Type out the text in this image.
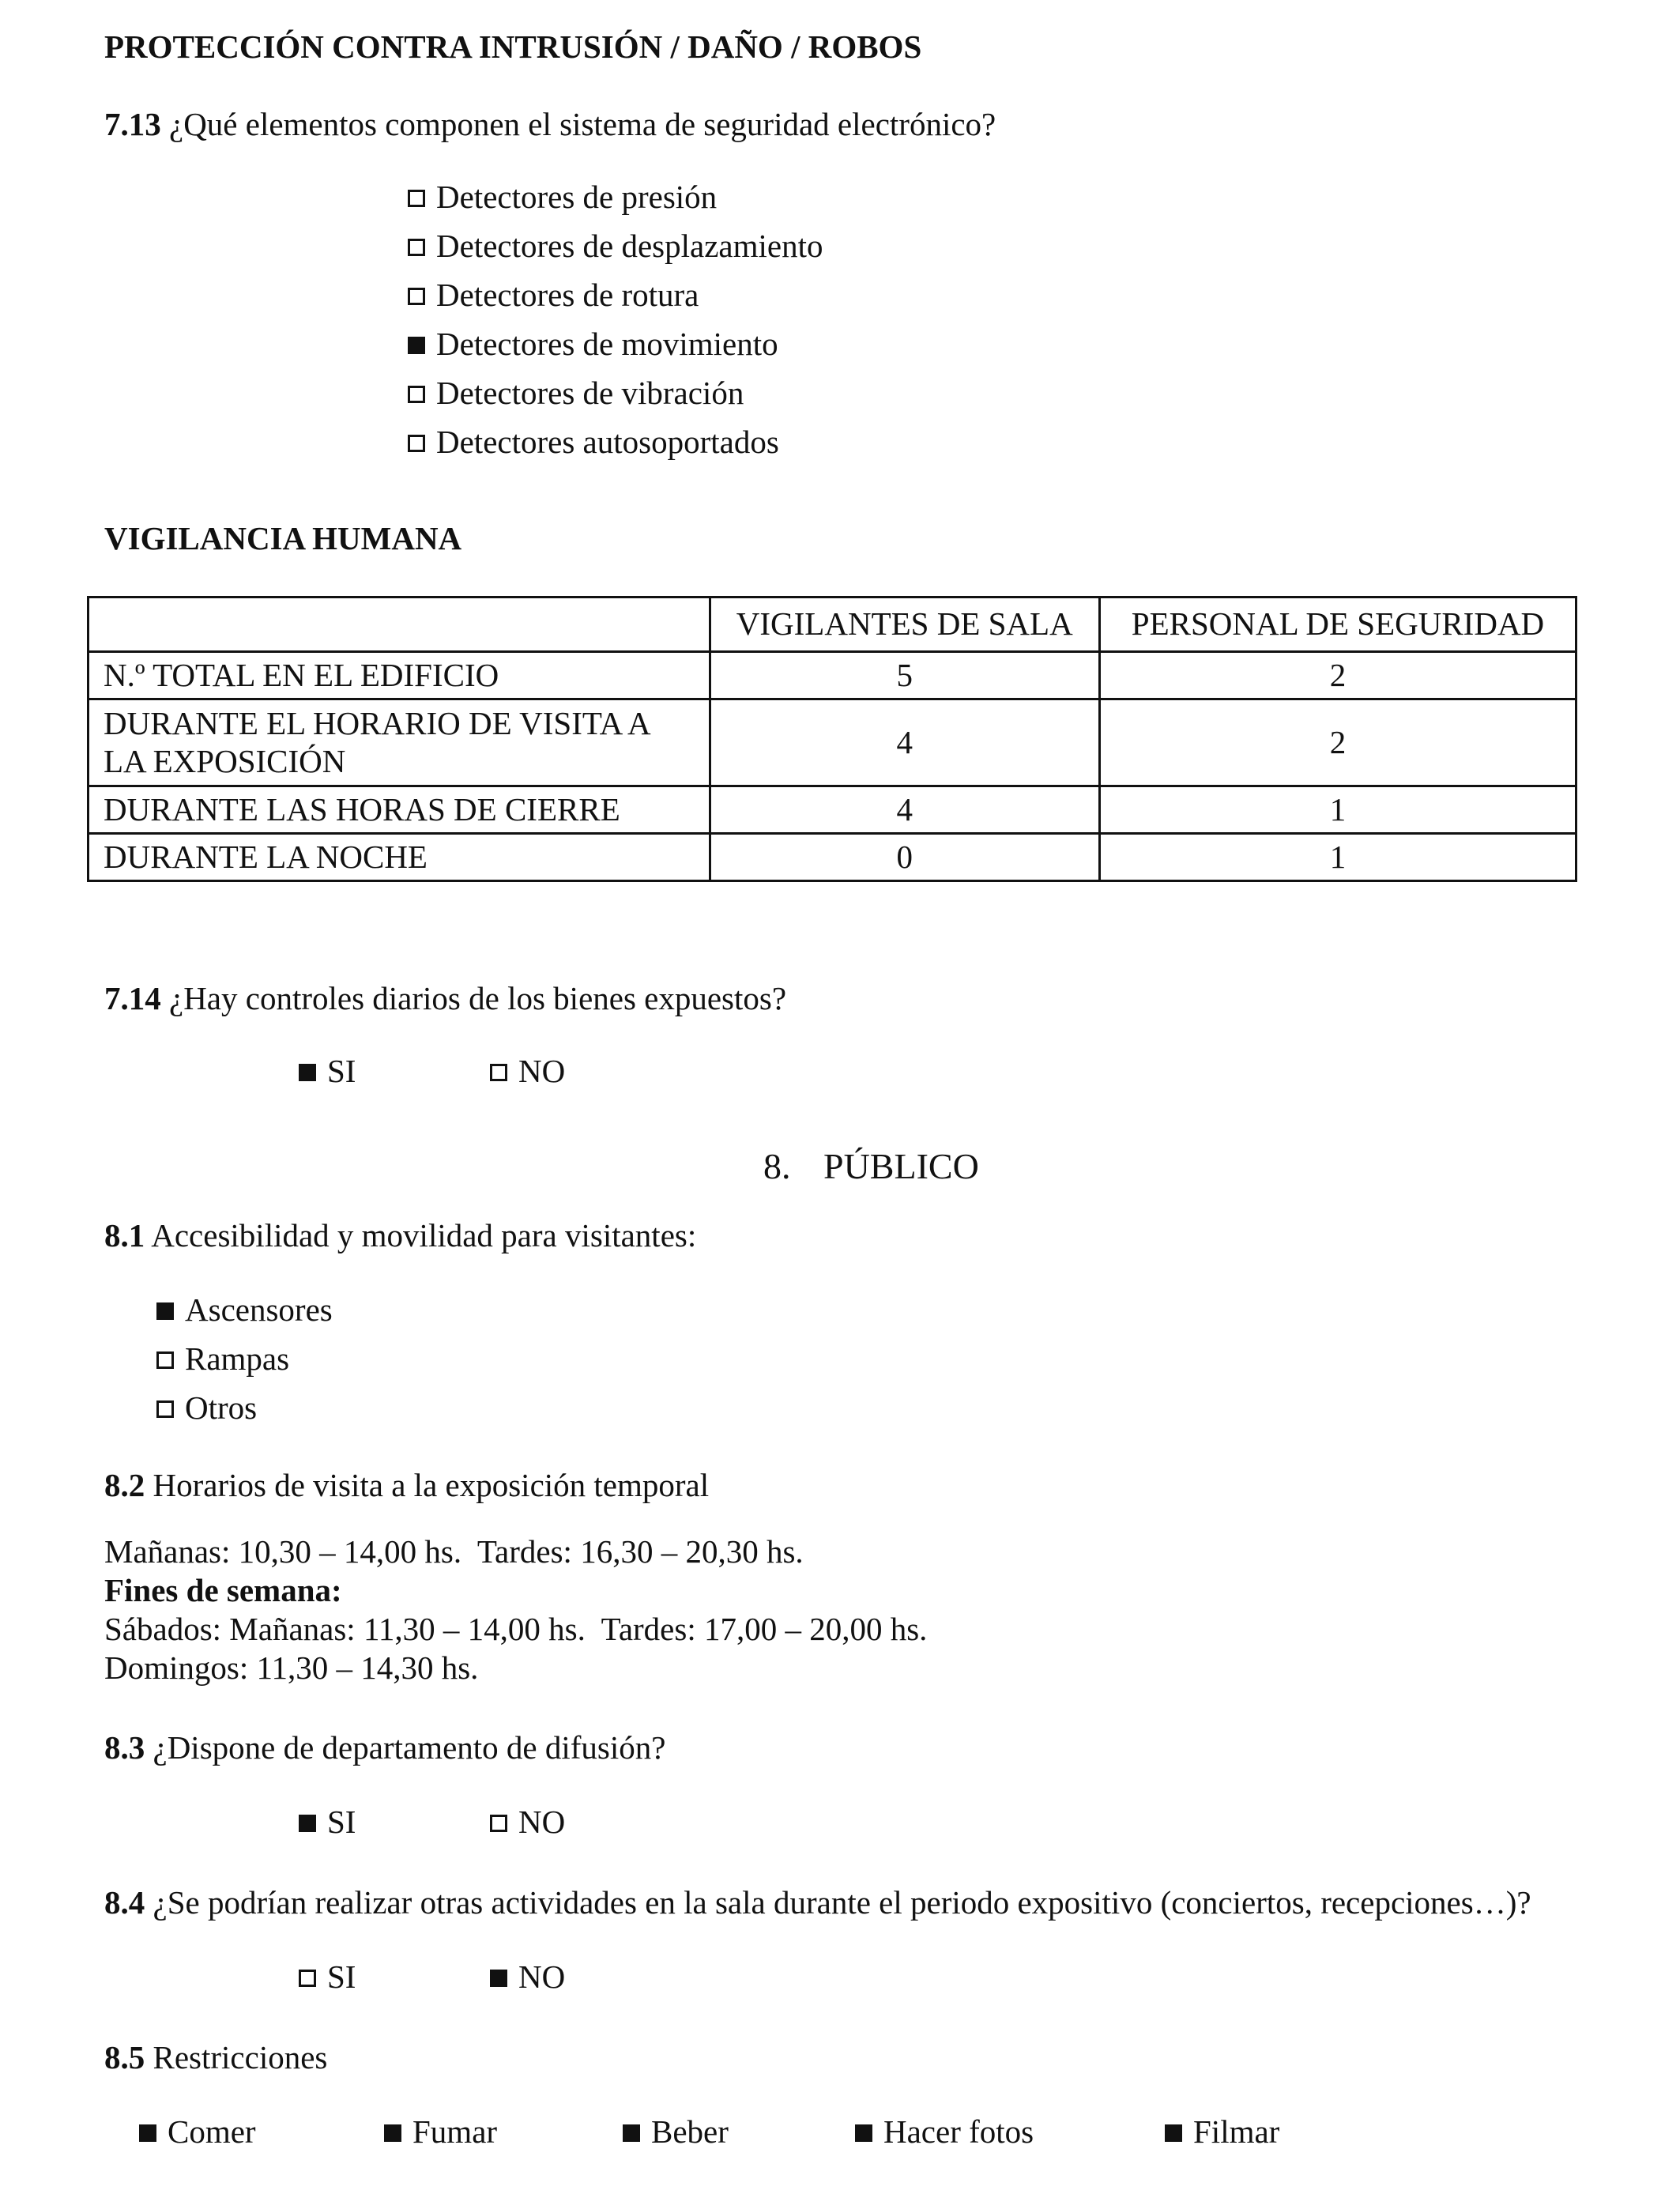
PROTECCIÓN CONTRA INTRUSIÓN / DAÑO / ROBOS
7.13 ¿Qué elementos componen el sistema de seguridad electrónico?
Detectores de presión
Detectores de desplazamiento
Detectores de rotura
Detectores de movimiento
Detectores de vibración
Detectores autosoportados
VIGILANCIA HUMANA
	VIGILANTES DE SALA	PERSONAL DE SEGURIDAD
N.º TOTAL EN EL EDIFICIO	5	2
DURANTE EL HORARIO DE VISITA A LA EXPOSICIÓN	4	2
DURANTE LAS HORAS DE CIERRE	4	1
DURANTE LA NOCHE	0	1
7.14 ¿Hay controles diarios de los bienes expuestos?
SI	NO
8. PÚBLICO
8.1 Accesibilidad y movilidad para visitantes:
Ascensores
Rampas
Otros
8.2 Horarios de visita a la exposición temporal
Mañanas: 10,30 – 14,00 hs.  Tardes: 16,30 – 20,30 hs.
Fines de semana:
Sábados: Mañanas: 11,30 – 14,00 hs.  Tardes: 17,00 – 20,00 hs.
Domingos: 11,30 – 14,30 hs.
8.3 ¿Dispone de departamento de difusión?
SI	NO
8.4 ¿Se podrían realizar otras actividades en la sala durante el periodo expositivo (conciertos, recepciones…)?
SI	NO
8.5 Restricciones
Comer	Fumar	Beber	Hacer fotos	Filmar
